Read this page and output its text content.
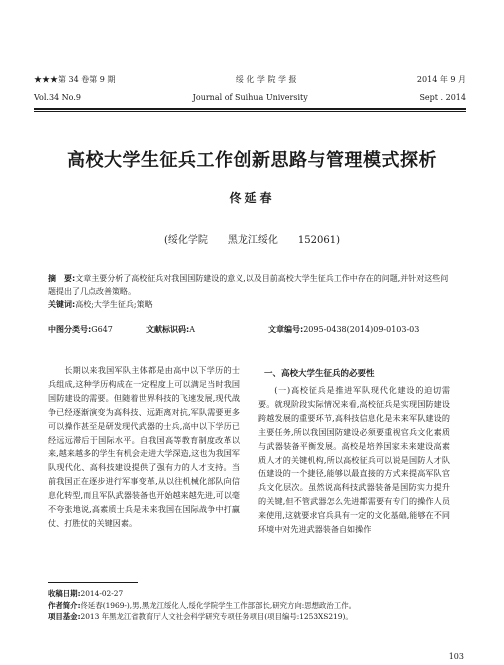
★★★第 34 卷第 9 期	绥 化 学 院 学 报	2014 年 9 月
Vol.34 No.9	Journal of Suihua University	Sept . 2014
高校大学生征兵工作创新思路与管理模式探析
佟延春
(绥化学院　　黑龙江绥化　　152061)
摘　要:文章主要分析了高校征兵对我国国防建设的意义,以及目前高校大学生征兵工作中存在的问题,并针对这些问题提出了几点改善策略。
关键词:高校;大学生征兵;策略
中图分类号:G647	文献标识码:A	文章编号:2095-0438(2014)09-0103-03

长期以来我国军队主体都是由高中以下学历的士兵组成,这种学历构成在一定程度上可以满足当时我国国防建设的需要。但随着世界科技的飞速发展,现代战争已经逐渐演变为高科技、远距离对抗,军队需要更多可以操作甚至是研发现代武器的士兵,高中以下学历已经远远滞后于国际水平。自我国高等教育制度改革以来,越来越多的学生有机会走进大学深造,这也为我国军队现代化、高科技建设提供了强有力的人才支持。当前我国正在逐步进行军事变革,从以往机械化部队向信息化转型,而且军队武器装备也开始越来越先进,可以毫不夸张地说,高素质士兵是未来我国在国际战争中打赢仗、打胜仗的关键因素。

一、高校大学生征兵的必要性

(一)高校征兵是推进军队现代化建设的迫切需要。就现阶段实际情况来看,高校征兵是实现国防建设跨越发展的重要环节,高科技信息化是未来军队建设的主要任务,所以我国国防建设必须要重视官兵文化素质与武器装备平衡发展。高校是培养国家未来建设高素质人才的关键机构,所以高校征兵可以说是国防人才队伍建设的一个捷径,能够以最直接的方式来提高军队官兵文化层次。虽然说高科技武器装备是国防实力提升的关键,但不管武器怎么先进都需要有专门的操作人员来使用,这就要求官兵具有一定的文化基础,能够在不同环境中对先进武器装备自如操作

收稿日期:2014-02-27
作者简介:佟延春(1969-),男,黑龙江绥化人,绥化学院学生工作部部长,研究方向:思想政治工作。
项目基金:2013 年黑龙江省教育厅人文社会科学研究专项任务项目(项目编号:1253XS219)。
103
